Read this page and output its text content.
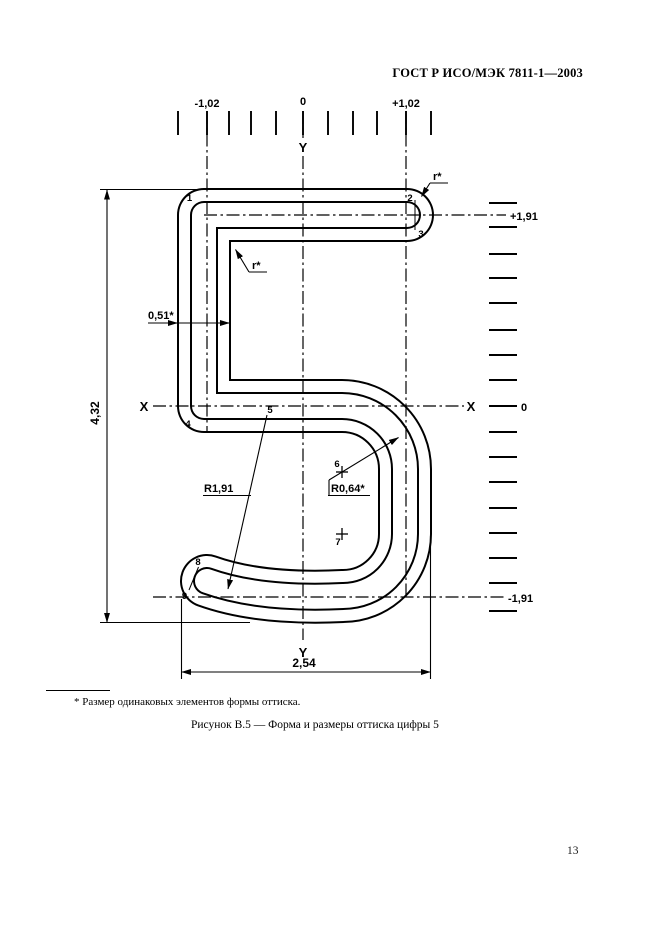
ГОСТ Р ИСО/МЭК 7811-1—2003
-1,02	0	+1,02
+1,91
0
-1,91
Y
Y
X	X
4,32
2,54
0,51*
R1,91	R0,64*
r*
r*
1	2
3
4
5
6
7
8
9
* Размер одинаковых элементов формы оттиска.
Рисунок В.5 — Форма и размеры оттиска цифры 5
13
